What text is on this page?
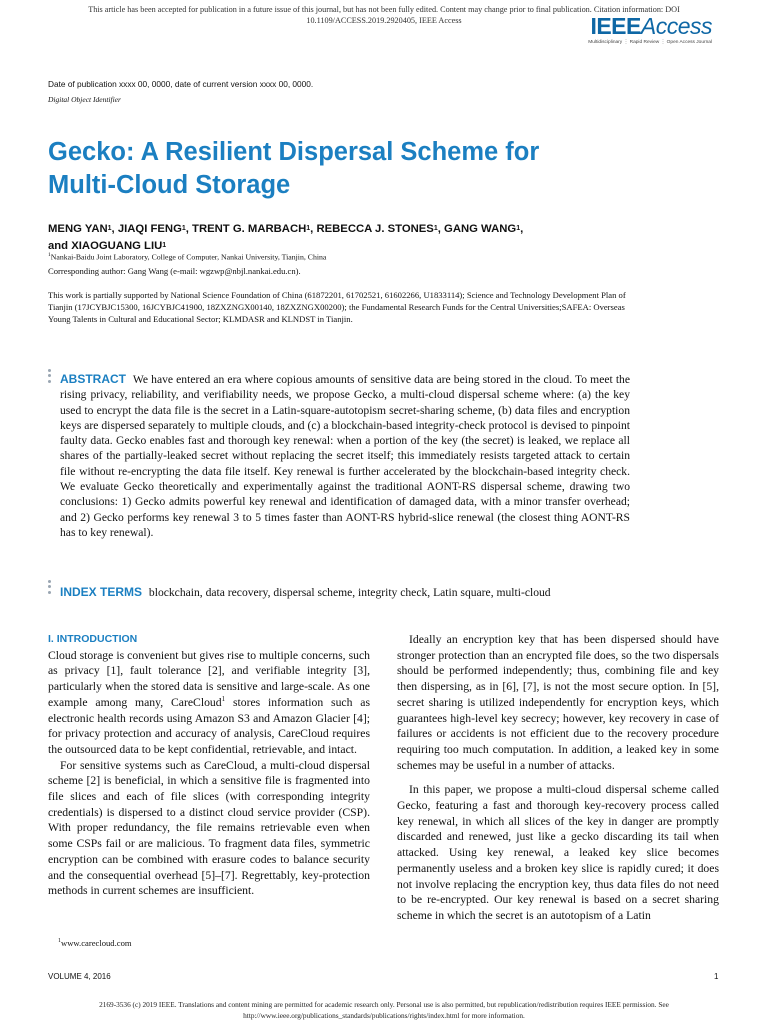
This article has been accepted for publication in a future issue of this journal, but has not been fully edited. Content may change prior to final publication. Citation information: DOI
10.1109/ACCESS.2019.2920405, IEEE Access	IEEEAccess
Multidisciplinary ⋮ Rapid Review ⋮ Open Access Journal
Date of publication xxxx 00, 0000, date of current version xxxx 00, 0000.
Digital Object Identifier
Gecko: A Resilient Dispersal Scheme for
Multi-Cloud Storage
MENG YAN$^1$, JIAQI FENG$^1$, TRENT G. MARBACH$^1$, REBECCA J. STONES$^1$, GANG WANG$^1$,
and XIAOGUANG LIU$^1$
$^1$Nankai-Baidu Joint Laboratory, College of Computer, Nankai University, Tianjin, China
Corresponding author: Gang Wang (e-mail: wgzwp@nbjl.nankai.edu.cn).
This work is partially supported by National Science Foundation of China (61872201, 61702521, 61602266, U1833114); Science and Technology Development Plan of Tianjin (17JCYBJC15300, 16JCYBJC41900, 18ZXZNGX00140, 18ZXZNGX00200); the Fundamental Research Funds for the Central Universities;SAFEA: Overseas Young Talents in Cultural and Educational Sector; KLMDASR and KLNDST in Tianjin.
ABSTRACT We have entered an era where copious amounts of sensitive data are being stored in the cloud. To meet the rising privacy, reliability, and verifiability needs, we propose Gecko, a multi-cloud dispersal scheme where: (a) the key used to encrypt the data file is the secret in a Latin-square-autotopism secret-sharing scheme, (b) data files and encryption keys are dispersed separately to multiple clouds, and (c) a blockchain-based integrity-check protocol is devised to pinpoint faulty data. Gecko enables fast and thorough key renewal: when a portion of the key (the secret) is leaked, we replace all shares of the partially-leaked secret without replacing the secret itself; this immediately resists targeted attack to certain file without re-encrypting the data file itself. Key renewal is further accelerated by the blockchain-based integrity check. We evaluate Gecko theoretically and experimentally against the traditional AONT-RS dispersal scheme, drawing two conclusions: 1) Gecko admits powerful key renewal and identification of damaged data, with a minor transfer overhead; and 2) Gecko performs key renewal 3 to 5 times faster than AONT-RS hybrid-slice renewal (the closest thing AONT-RS has to key renewal).
INDEX TERMS blockchain, data recovery, dispersal scheme, integrity check, Latin square, multi-cloud
I. INTRODUCTION

Cloud storage is convenient but gives rise to multiple concerns, such as privacy [1], fault tolerance [2], and verifiable integrity [3], particularly when the stored data is sensitive and large-scale. As one example among many, CareCloud$^1$ stores information such as electronic health records using Amazon S3 and Amazon Glacier [4]; for privacy protection and accuracy of analysis, CareCloud requires the outsourced data to be kept confidential, retrievable, and intact.

For sensitive systems such as CareCloud, a multi-cloud dispersal scheme [2] is beneficial, in which a sensitive file is fragmented into file slices and each of file slices (with corresponding integrity credentials) is dispersed to a distinct cloud service provider (CSP). With proper redundancy, the file remains retrievable even when some CSPs fail or are malicious. To fragment data files, symmetric encryption can be combined with erasure codes to balance security and the consequential overhead [5]–[7]. Regrettably, key-protection methods in current schemes are insufficient.

Ideally an encryption key that has been dispersed should have stronger protection than an encrypted file does, so the two dispersals should be performed independently; thus, combining file and key then dispersing, as in [6], [7], is not the most secure option. In [5], secret sharing is utilized independently for encryption keys, which guarantees high-level key secrecy; however, key recovery in case of failures or accidents is not efficient due to the recovery procedure requiring too much computation. In addition, a leaked key in some schemes may be useful in a number of attacks.

In this paper, we propose a multi-cloud dispersal scheme called Gecko, featuring a fast and thorough key-recovery process called key renewal, in which all slices of the key in danger are promptly discarded and renewed, just like a gecko discarding its tail when attacked. Using key renewal, a leaked key slice becomes permanently useless and a broken key slice is rapidly cured; it does not involve replacing the encryption key, thus data files do not need to be re-encrypted. Our key renewal is based on a secret sharing scheme in which the secret is an autotopism of a Latin

$^1$www.carecloud.com
VOLUME 4, 2016	1
2169-3536 (c) 2019 IEEE. Translations and content mining are permitted for academic research only. Personal use is also permitted, but republication/redistribution requires IEEE permission. See
http://www.ieee.org/publications_standards/publications/rights/index.html for more information.
